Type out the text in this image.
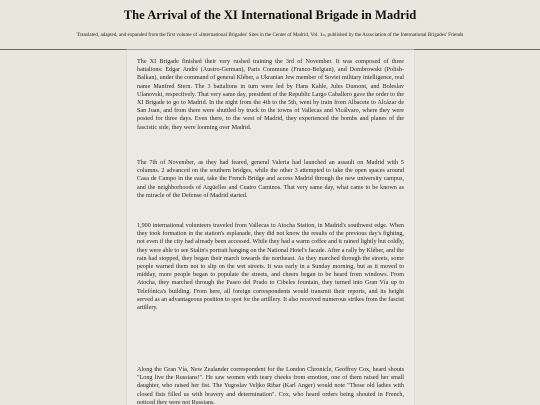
The Arrival of the XI International Brigade in Madrid
Translated, adapted, and expanded from the first volume of «International Brigades' Sites in the Center of Madrid, Vol. 1», published by the Association of the International Brigades' Friends

The XI Brigade finished their very rushed training the 3rd of November. It was composed of three battalions: Edgar André (Austro-German), Paris Commune (Franco-Belgian), and Dombrowski (Polish-Balkan), under the command of general Kléber, a Ukranian Jew member of Soviet military intelligence, real name Manfred Stern. The 3 battalions in turn were led by Hans Kahle, Jules Dumont, and Boleslav Ulanovski, respectively. That very same day, president of the Republic Largo Caballero gave the order to the XI Brigade to go to Madrid. In the night from the 4th to the 5th, went by train from Albacete to Alcázar de San Juan, and from there were shuttled by truck to the towns of Vallecas and Vicálvaro, where they were posted for three days. Even there, to the west of Madrid, they experienced the bombs and planes of the fascistic side, they were looming over Madrid.

The 7th of November, as they had feared, general Valeria had launched an assault on Madrid with 5 columns. 2 advanced on the southern bridges, while the other 3 attempted to take the open spaces around Casa de Campo in the east, take the French Bridge and access Madrid through the new university campus, and the neighborhoods of Argüelles and Cuatro Caminos. That very same day, what came to be known as the miracle of the Defense of Madrid started.

1,900 international volunteers traveled from Vallecas to Atocha Station, in Madrid's southwest edge. When they took formation in the station's esplanade, they did not know the results of the previous day's fighting, not even if the city had already been accessed. While they had a warm coffee and it rained lightly but coldly, they were able to see Stalin's portrait hanging on the National Hotel's facade. After a rally by Kléber, and the rain had stopped, they began their march towards the northeast. As they marched through the streets, some people warned them not to slip on the wet streets. It was early in a Sunday morning, but as it moved to midday, more people began to populate the streets, and cheers began to be heard from windows. From Atocha, they marched through the Paseo del Prado to Cibeles fountain, they turned into Gran Vía up to Telefónica's building. From here, all foreign correspondents would transmit their reports, and its height served as an advantageous position to spot for the artillery. It also received numerous strikes from the fascist artillery.

Along the Gran Vía, New Zealander correspondent for the London Chronicle, Geoffrey Cox, heard shouts "Long live the Russians!". He saw women with teary cheeks from emotion, one of them raised her small daughter, who raised her fist. The Yugoslav Veljko Ribar (Karl Anger) would note "Those old ladies with closed fists filled us with bravery and determination". Cox, who heard orders being shouted in French, noticed they were not Russians.
